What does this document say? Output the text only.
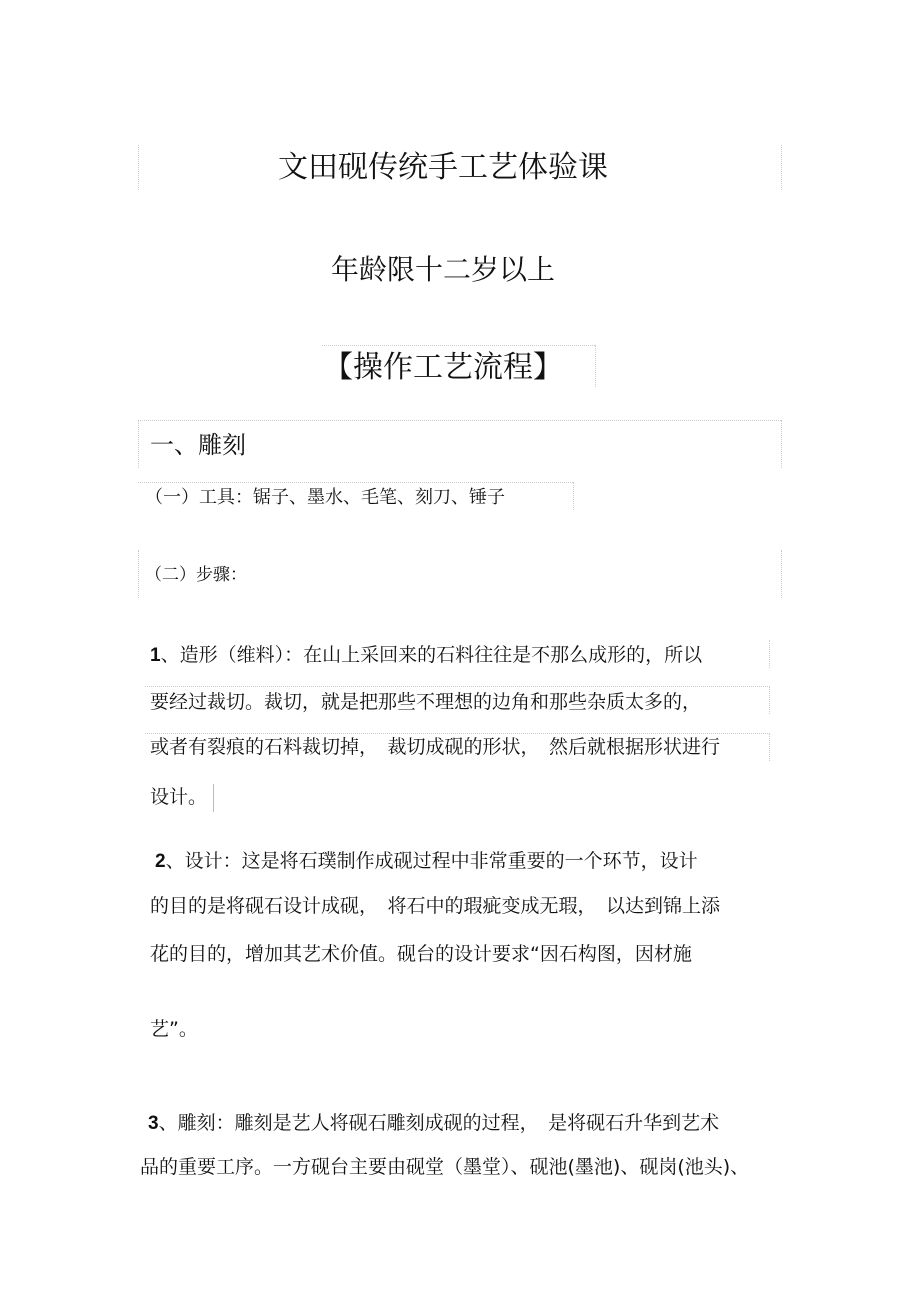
文田砚传统手工艺体验课
年龄限十二岁以上
【操作工艺流程】
一、雕刻
（一）工具：锯子、墨水、毛笔、刻刀、锤子
（二）步骤：
1、造形（维料）：在山上采回来的石料往往是不那么成形的，所以
要经过裁切。裁切，就是把那些不理想的边角和那些杂质太多的，
或者有裂痕的石料裁切掉，　裁切成砚的形状，　然后就根据形状进行
设计。
2、设计：这是将石璞制作成砚过程中非常重要的一个环节，设计
的目的是将砚石设计成砚，　将石中的瑕疵变成无瑕，　以达到锦上添
花的目的，增加其艺术价值。砚台的设计要求“因石构图，因材施
艺”。
3、雕刻：雕刻是艺人将砚石雕刻成砚的过程，　是将砚石升华到艺术
品的重要工序。一方砚台主要由砚堂（墨堂）、砚池(墨池)、砚岗(池头)、
